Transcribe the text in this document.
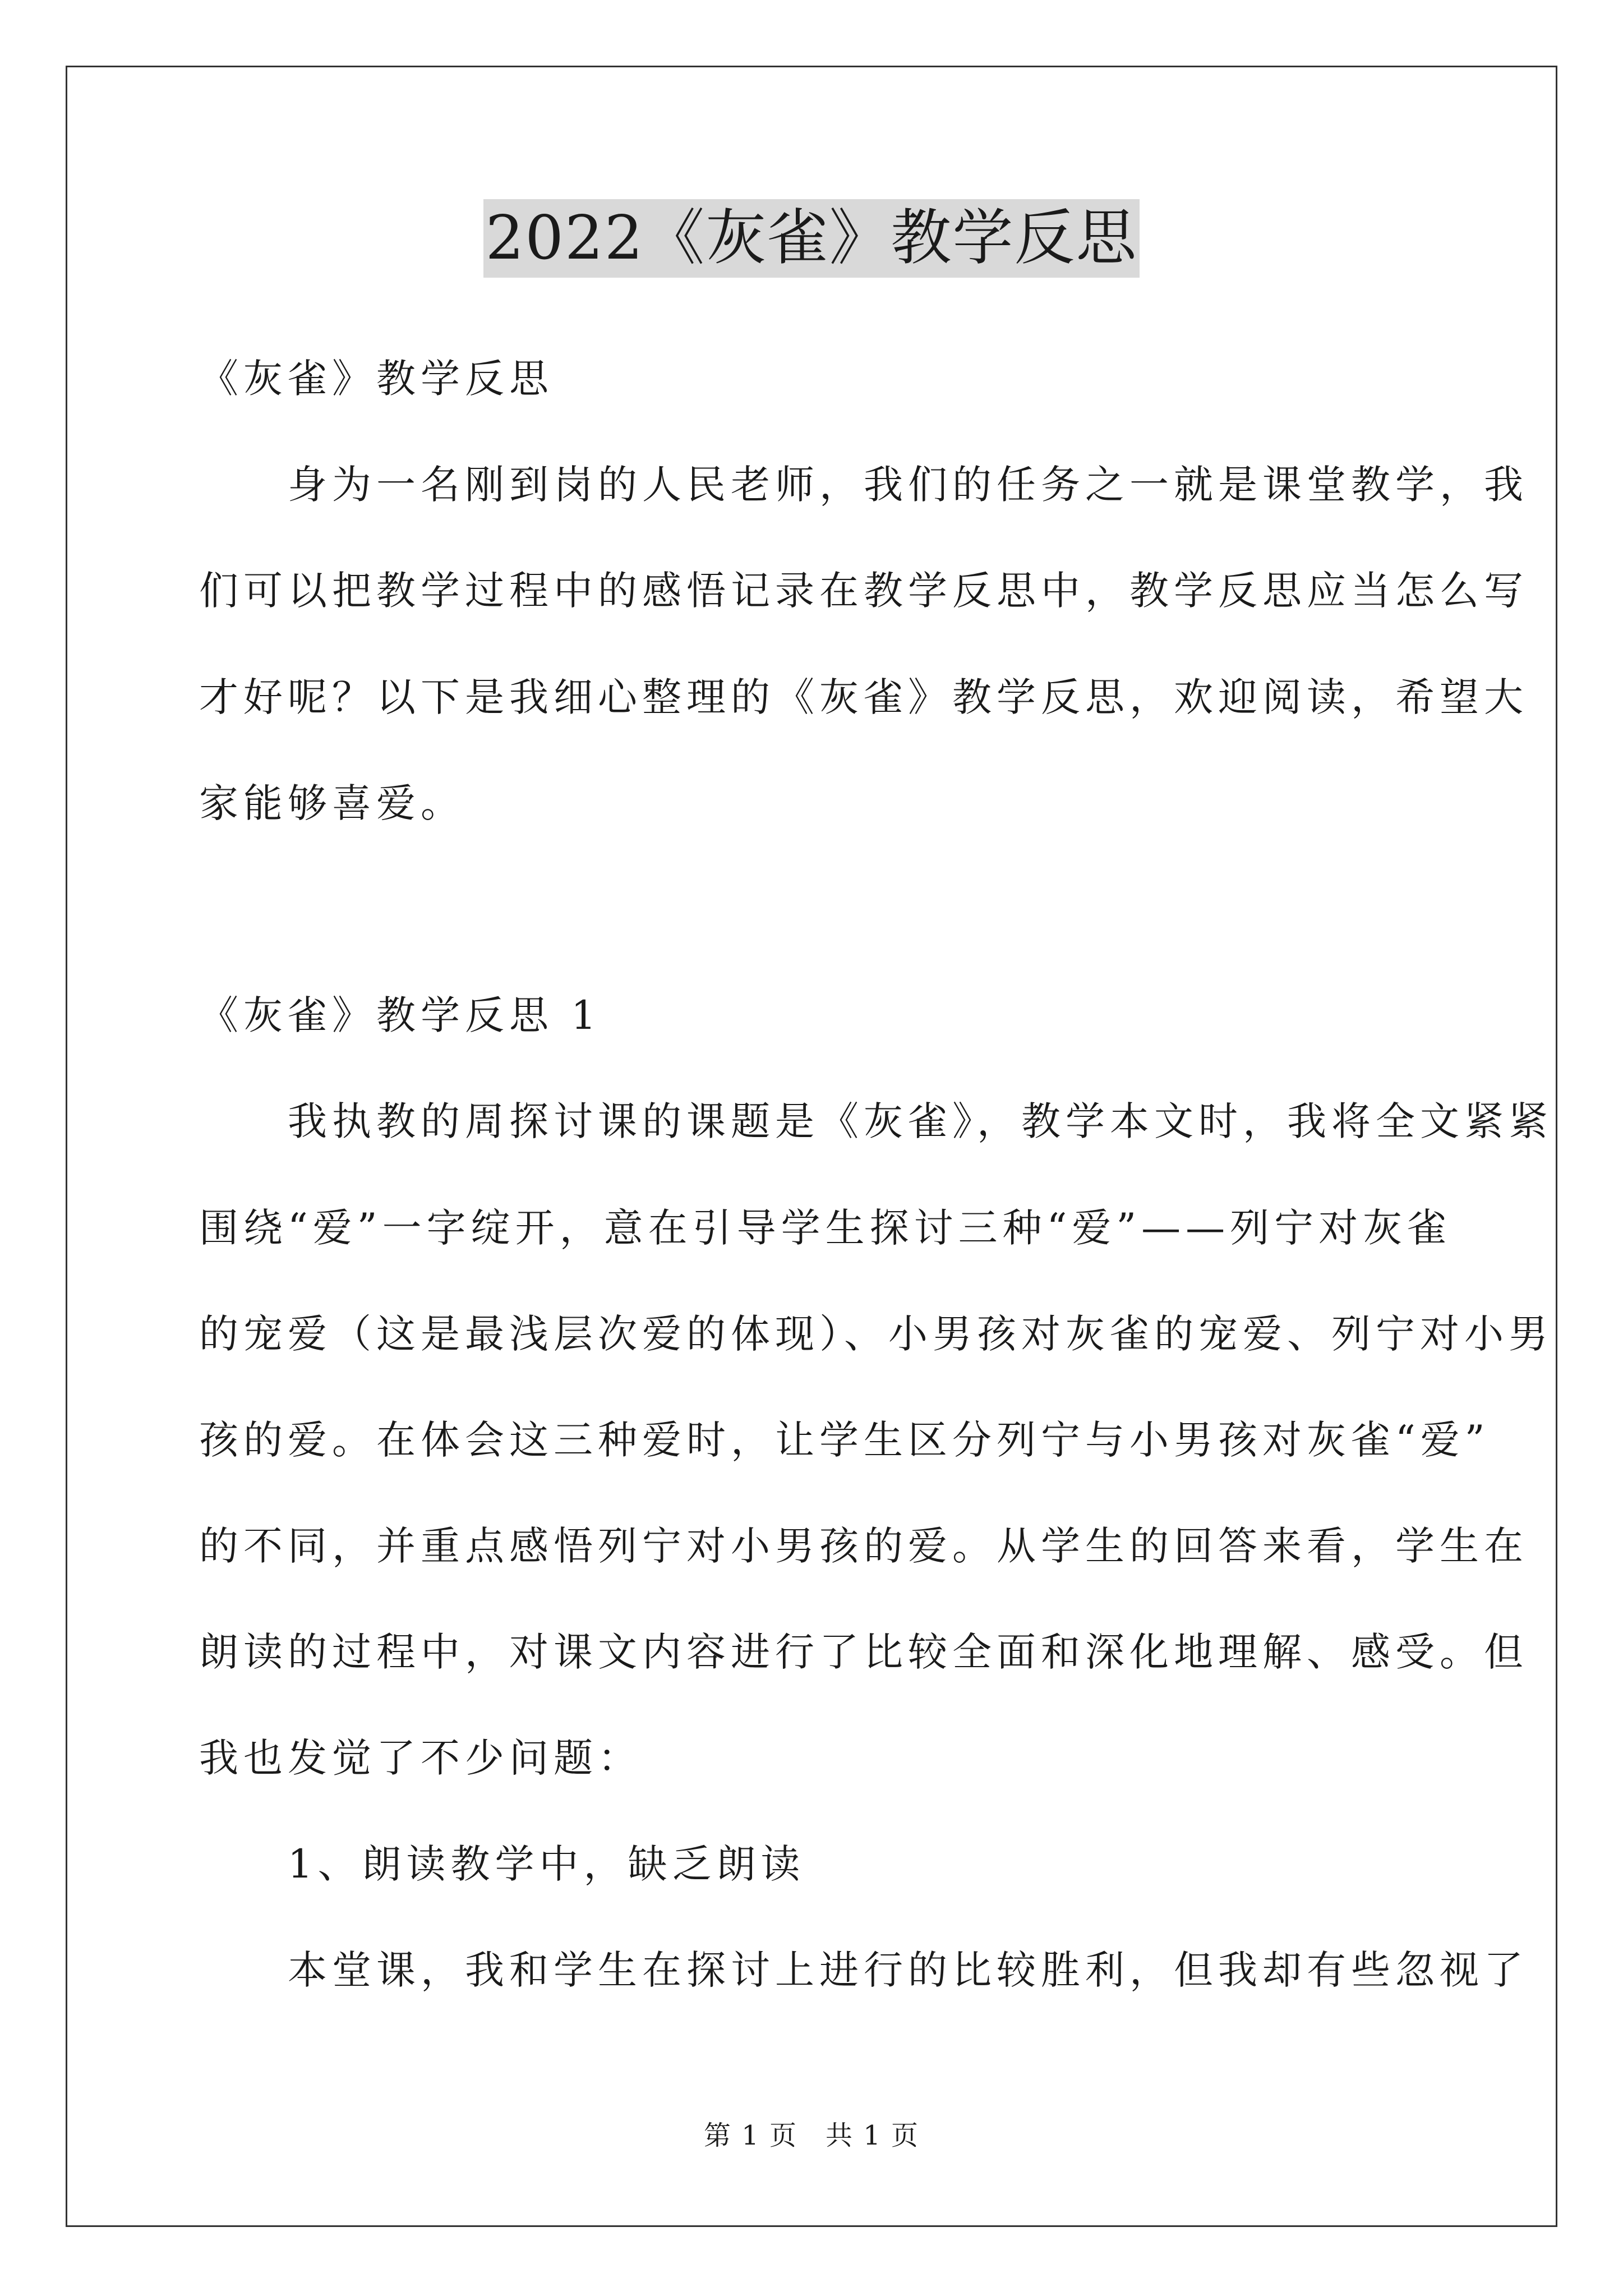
2022《灰雀》教学反思
《灰雀》教学反思
　　身为一名刚到岗的人民老师，我们的任务之一就是课堂教学，我
们可以把教学过程中的感悟记录在教学反思中，教学反思应当怎么写
才好呢？以下是我细心整理的《灰雀》教学反思，欢迎阅读，希望大
家能够喜爱。
《灰雀》教学反思 1
　　我执教的周探讨课的课题是《灰雀》，教学本文时，我将全文紧紧
围绕“爱”一字绽开，意在引导学生探讨三种“爱”——列宁对灰雀
的宠爱（这是最浅层次爱的体现）、小男孩对灰雀的宠爱、列宁对小男
孩的爱。在体会这三种爱时，让学生区分列宁与小男孩对灰雀“爱”
的不同，并重点感悟列宁对小男孩的爱。从学生的回答来看，学生在
朗读的过程中，对课文内容进行了比较全面和深化地理解、感受。但
我也发觉了不少问题：
　　1、朗读教学中，缺乏朗读
　　本堂课，我和学生在探讨上进行的比较胜利，但我却有些忽视了
第 1 页　共 1 页
